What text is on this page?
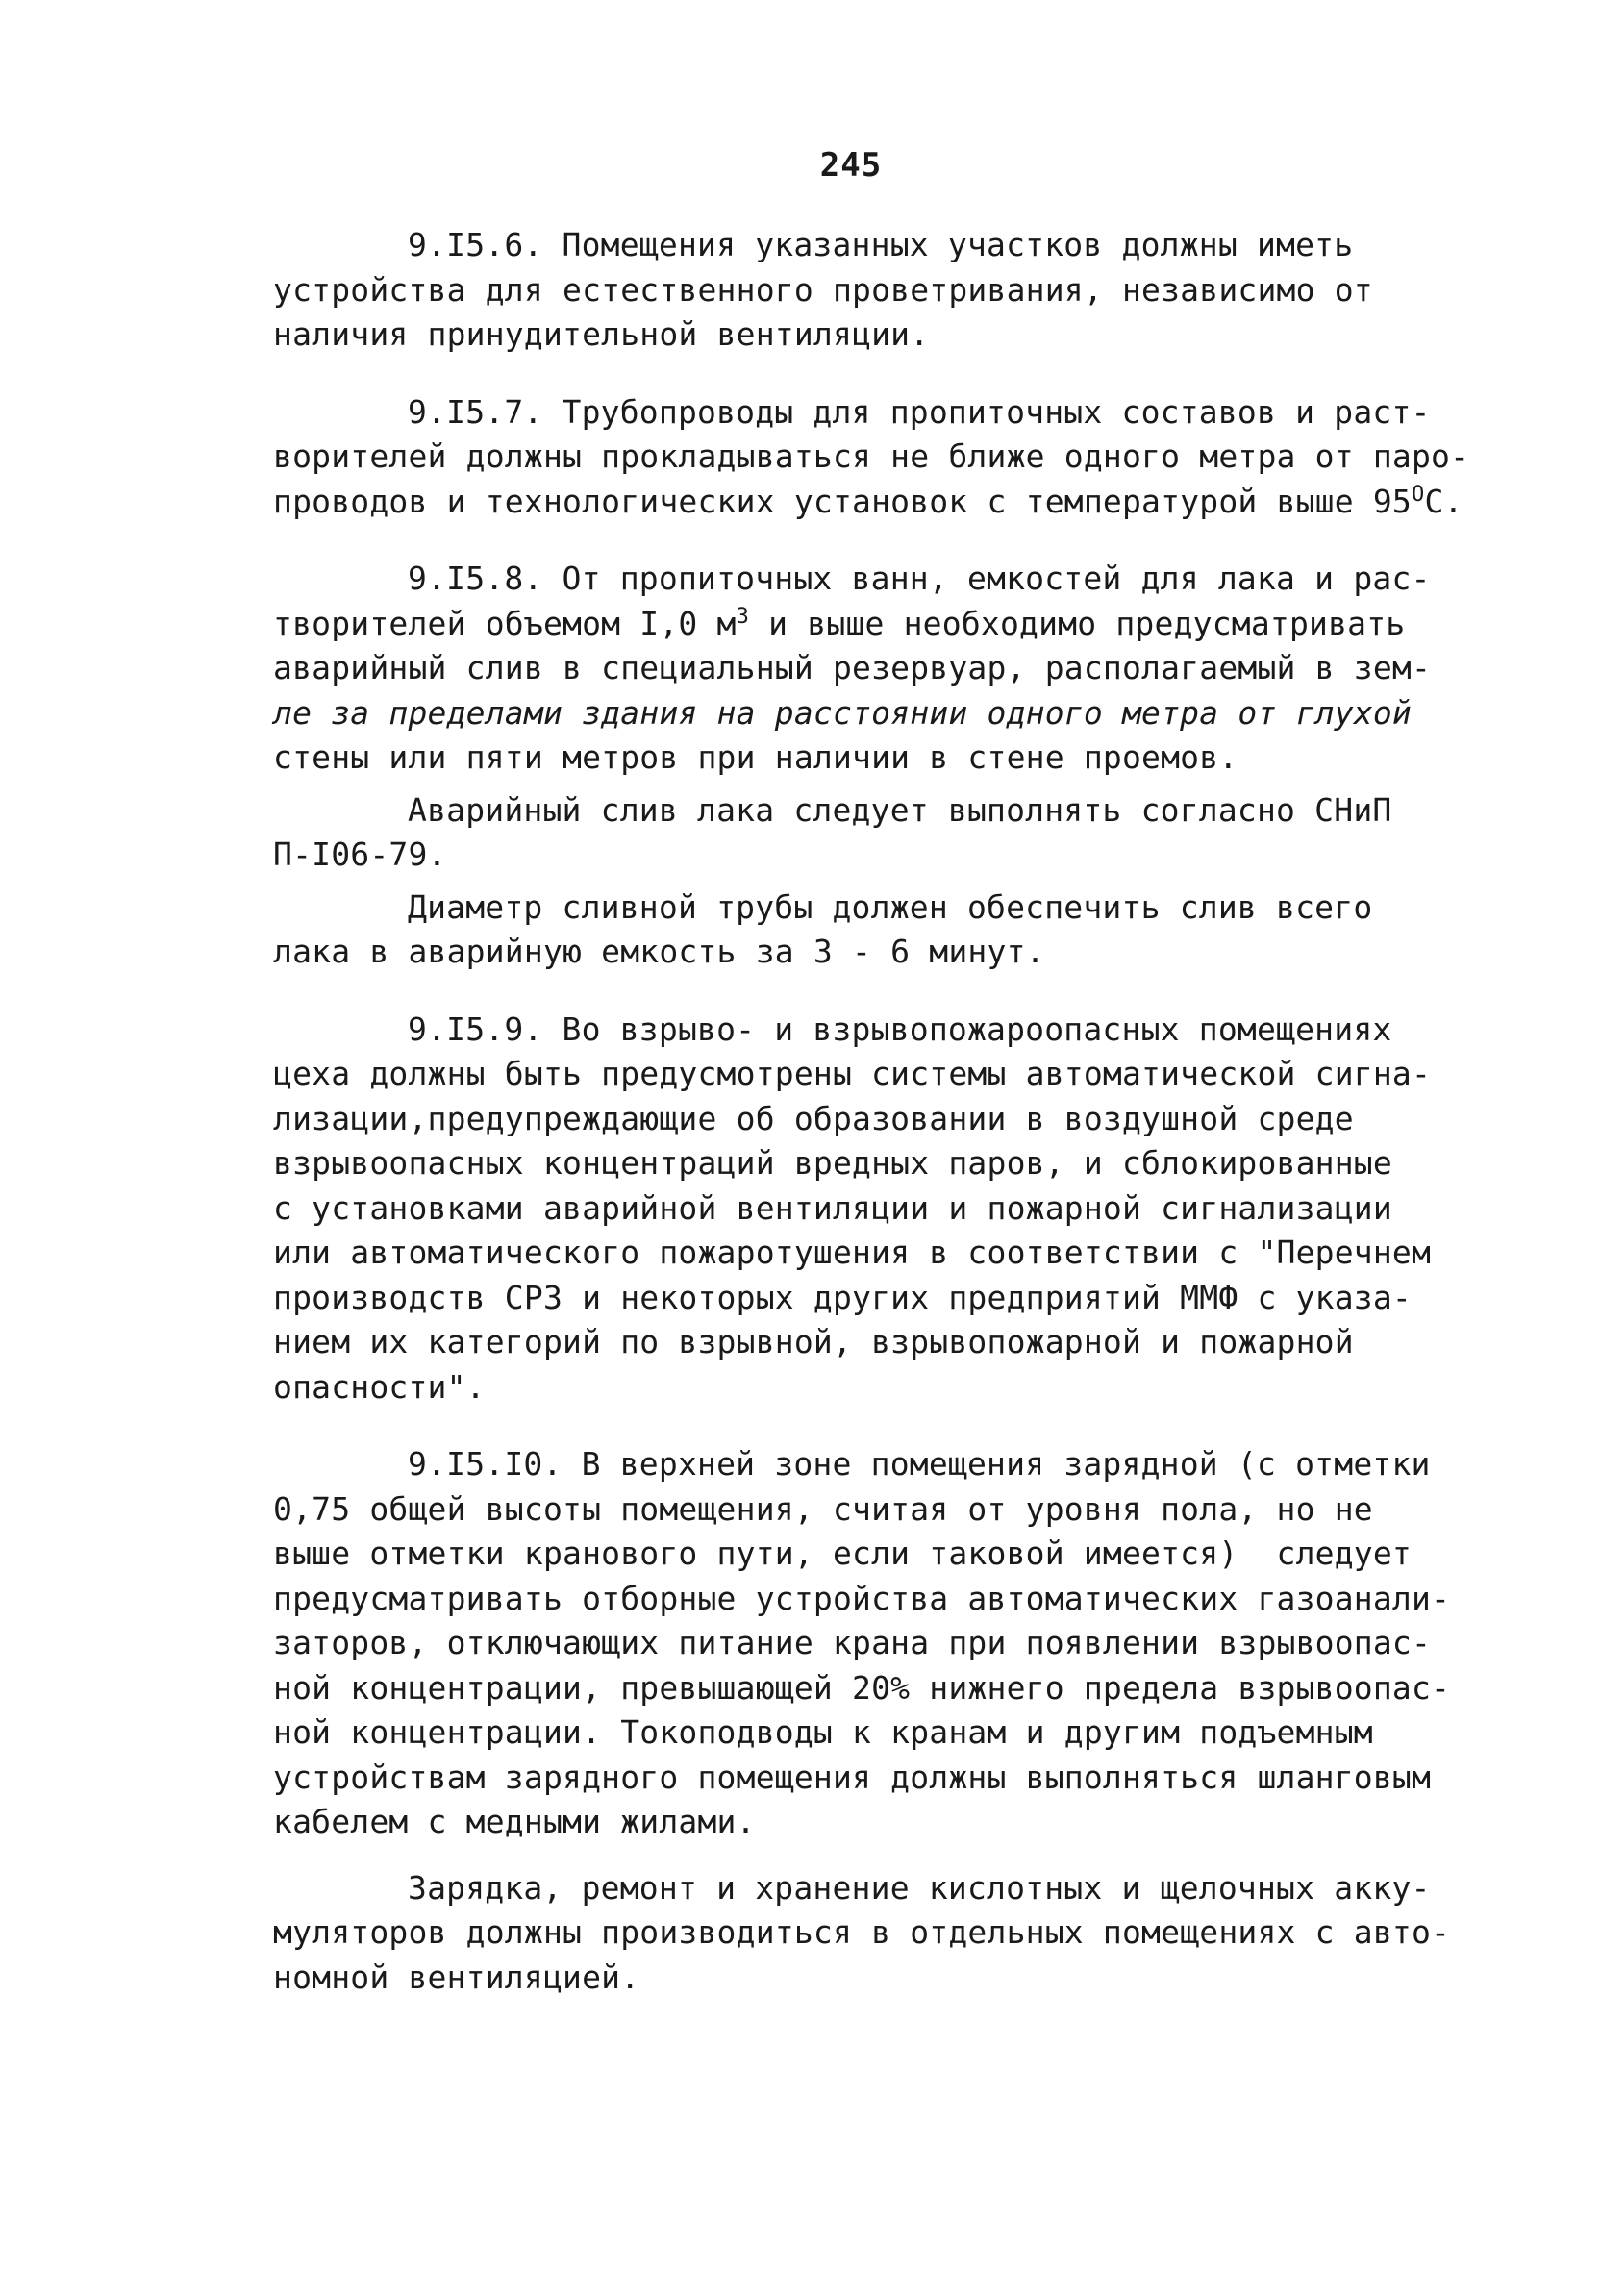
245
9.I5.6. Помещения указанных участков должны иметь
устройства для естественного проветривания, независимо от
наличия принудительной вентиляции.
9.I5.7. Трубопроводы для пропиточных составов и раст-
ворителей должны прокладываться не ближе одного метра от паро-
проводов и технологических установок с температурой выше $95^OC$.
9.I5.8. От пропиточных ванн, емкостей для лака и рас-
творителей объемом I,0 $м^3$ и выше необходимо предусматривать
аварийный слив в специальный резервуар, располагаемый в зем-
ле за пределами здания на расстоянии одного метра от глухой
стены или пяти метров при наличии в стене проемов.
Аварийный слив лака следует выполнять согласно СНиП
П-I06-79.
Диаметр сливной трубы должен обеспечить слив всего
лака в аварийную емкость за 3 - 6 минут.
9.I5.9. Во взрыво- и взрывопожароопасных помещениях
цеха должны быть предусмотрены системы автоматической сигна-
лизации,предупреждающие об образовании в воздушной среде
взрывоопасных концентраций вредных паров, и сблокированные
с установками аварийной вентиляции и пожарной сигнализации
или автоматического пожаротушения в соответствии с "Перечнем
производств СРЗ и некоторых других предприятий ММФ с указа-
нием их категорий по взрывной, взрывопожарной и пожарной
опасности".
9.I5.I0. В верхней зоне помещения зарядной (с отметки
0,75 общей высоты помещения, считая от уровня пола, но не
выше отметки кранового пути, если таковой имеется)  следует
предусматривать отборные устройства автоматических газоанали-
заторов, отключающих питание крана при появлении взрывоопас-
ной концентрации, превышающей 20% нижнего предела взрывоопас-
ной концентрации. Токоподводы к кранам и другим подъемным
устройствам зарядного помещения должны выполняться шланговым
кабелем с медными жилами.
Зарядка, ремонт и хранение кислотных и щелочных акку-
муляторов должны производиться в отдельных помещениях с авто-
номной вентиляцией.
